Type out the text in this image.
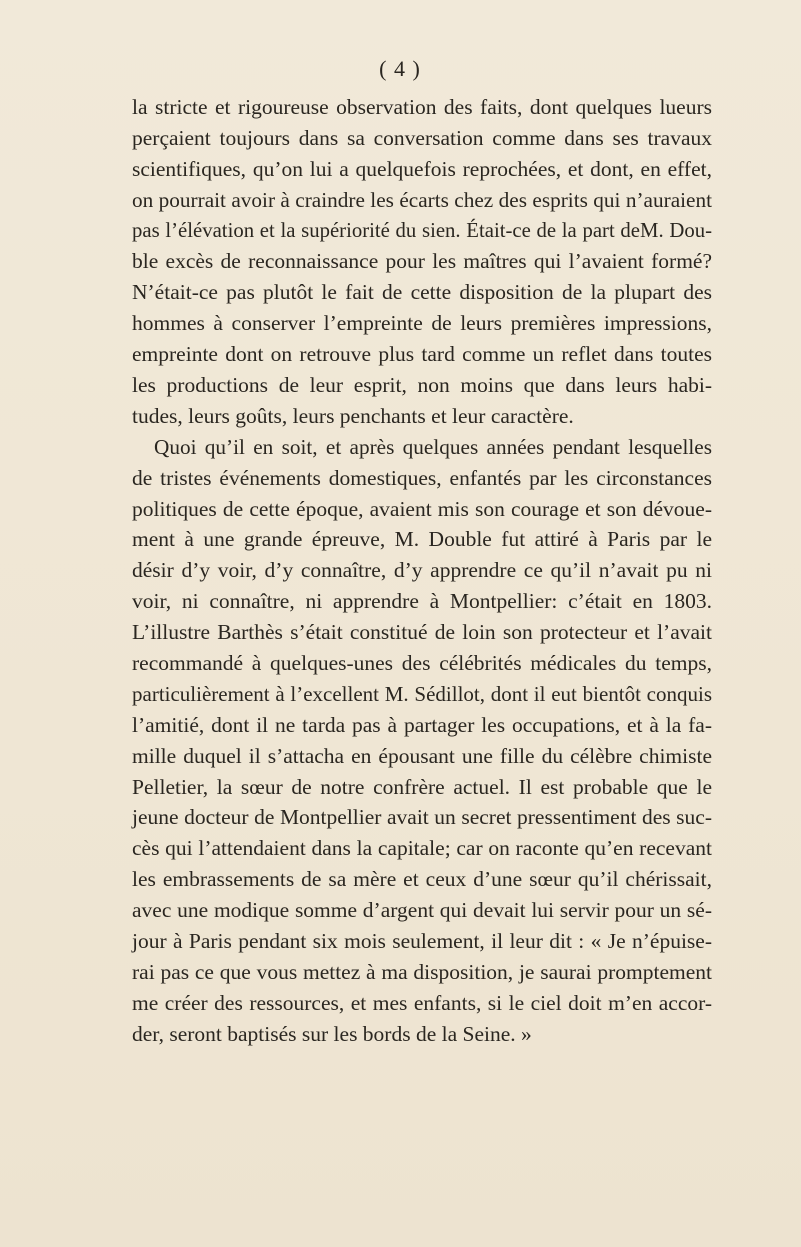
( 4 )
la stricte et rigoureuse observation des faits, dont quelques lueurs
perçaient toujours dans sa conversation comme dans ses travaux
scientifiques, qu’on lui a quelquefois reprochées, et dont, en effet,
on pourrait avoir à craindre les écarts chez des esprits qui n’auraient
pas l’élévation et la supériorité du sien. Était-ce de la part deM. Dou-
ble excès de reconnaissance pour les maîtres qui l’avaient formé?
N’était-ce pas plutôt le fait de cette disposition de la plupart des
hommes à conserver l’empreinte de leurs premières impressions,
empreinte dont on retrouve plus tard comme un reflet dans toutes
les productions de leur esprit, non moins que dans leurs habi-
tudes, leurs goûts, leurs penchants et leur caractère.
Quoi qu’il en soit, et après quelques années pendant lesquelles
de tristes événements domestiques, enfantés par les circonstances
politiques de cette époque, avaient mis son courage et son dévoue-
ment à une grande épreuve, M. Double fut attiré à Paris par le
désir d’y voir, d’y connaître, d’y apprendre ce qu’il n’avait pu ni
voir, ni connaître, ni apprendre à Montpellier: c’était en 1803.
L’illustre Barthès s’était constitué de loin son protecteur et l’avait
recommandé à quelques-unes des célébrités médicales du temps,
particulièrement à l’excellent M. Sédillot, dont il eut bientôt conquis
l’amitié, dont il ne tarda pas à partager les occupations, et à la fa-
mille duquel il s’attacha en épousant une fille du célèbre chimiste
Pelletier, la sœur de notre confrère actuel. Il est probable que le
jeune docteur de Montpellier avait un secret pressentiment des suc-
cès qui l’attendaient dans la capitale; car on raconte qu’en recevant
les embrassements de sa mère et ceux d’une sœur qu’il chérissait,
avec une modique somme d’argent qui devait lui servir pour un sé-
jour à Paris pendant six mois seulement, il leur dit : « Je n’épuise-
rai pas ce que vous mettez à ma disposition, je saurai promptement
me créer des ressources, et mes enfants, si le ciel doit m’en accor-
der, seront baptisés sur les bords de la Seine. »
